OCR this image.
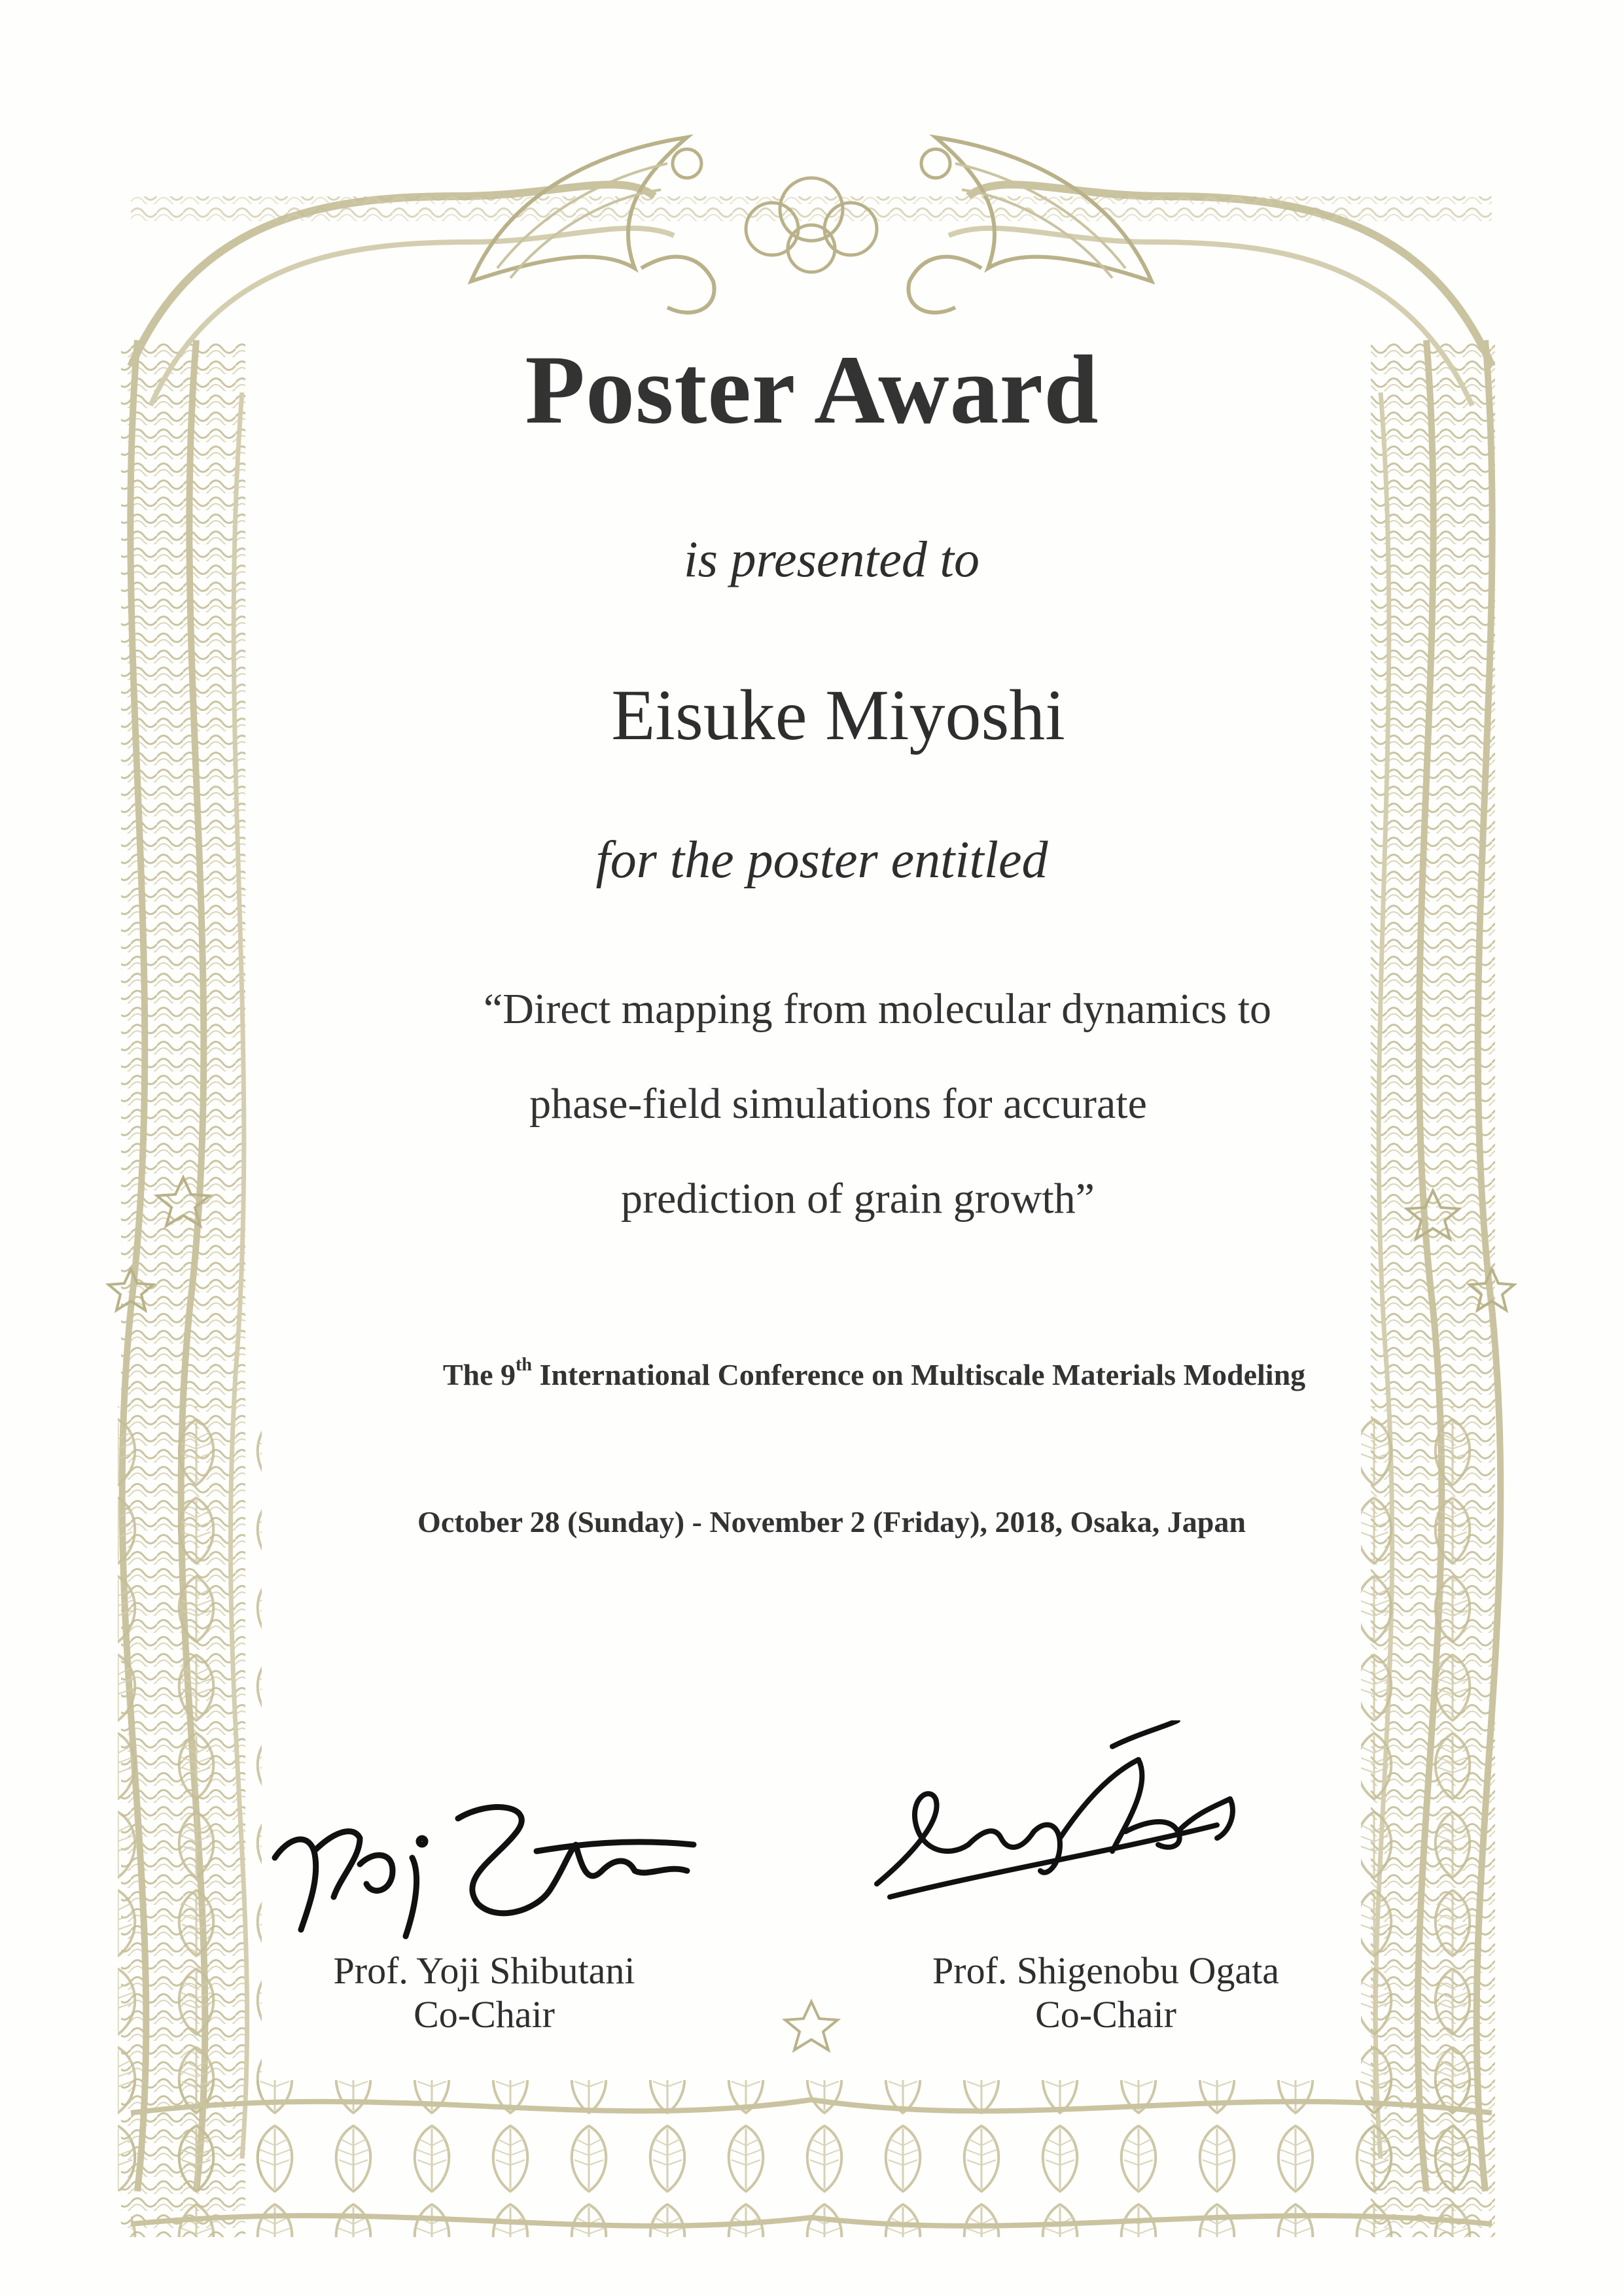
Poster Award
is presented to
Eisuke Miyoshi
for the poster entitled
“Direct mapping from molecular dynamics to
phase-field simulations for accurate
prediction of grain growth”
The 9th International Conference on Multiscale Materials Modeling
October 28 (Sunday) - November 2 (Friday), 2018, Osaka, Japan
Prof. Yoji Shibutani
Co-Chair
Prof. Shigenobu Ogata
Co-Chair
